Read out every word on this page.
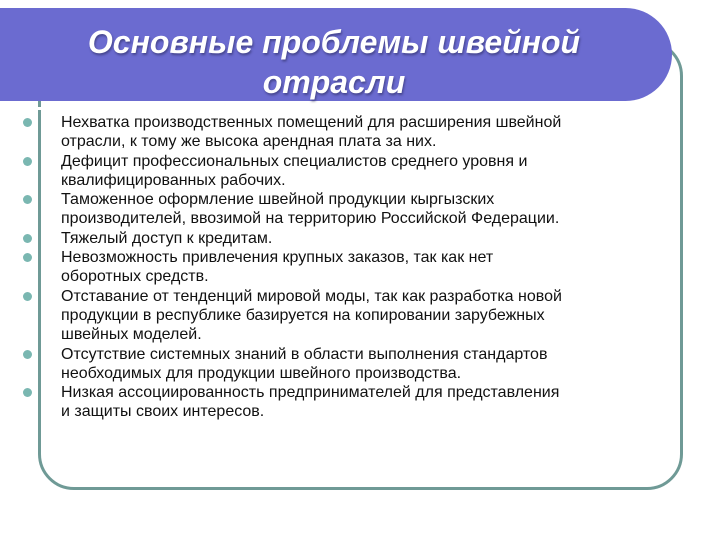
Основные проблемы швейной
отрасли
Нехватка производственных помещений для расширения швейной
отрасли, к тому же высока арендная плата за них.
Дефицит профессиональных специалистов среднего уровня и
квалифицированных рабочих.
Таможенное оформление швейной продукции кыргызских
производителей, ввозимой на территорию Российской Федерации.
Тяжелый доступ к кредитам.
Невозможность привлечения крупных заказов, так как нет
оборотных средств.
Отставание от тенденций мировой моды, так как разработка новой
продукции в республике базируется на копировании зарубежных
швейных моделей.
Отсутствие системных знаний в области выполнения стандартов
необходимых для продукции швейного производства.
Низкая ассоциированность предпринимателей для представления
и защиты своих интересов.
